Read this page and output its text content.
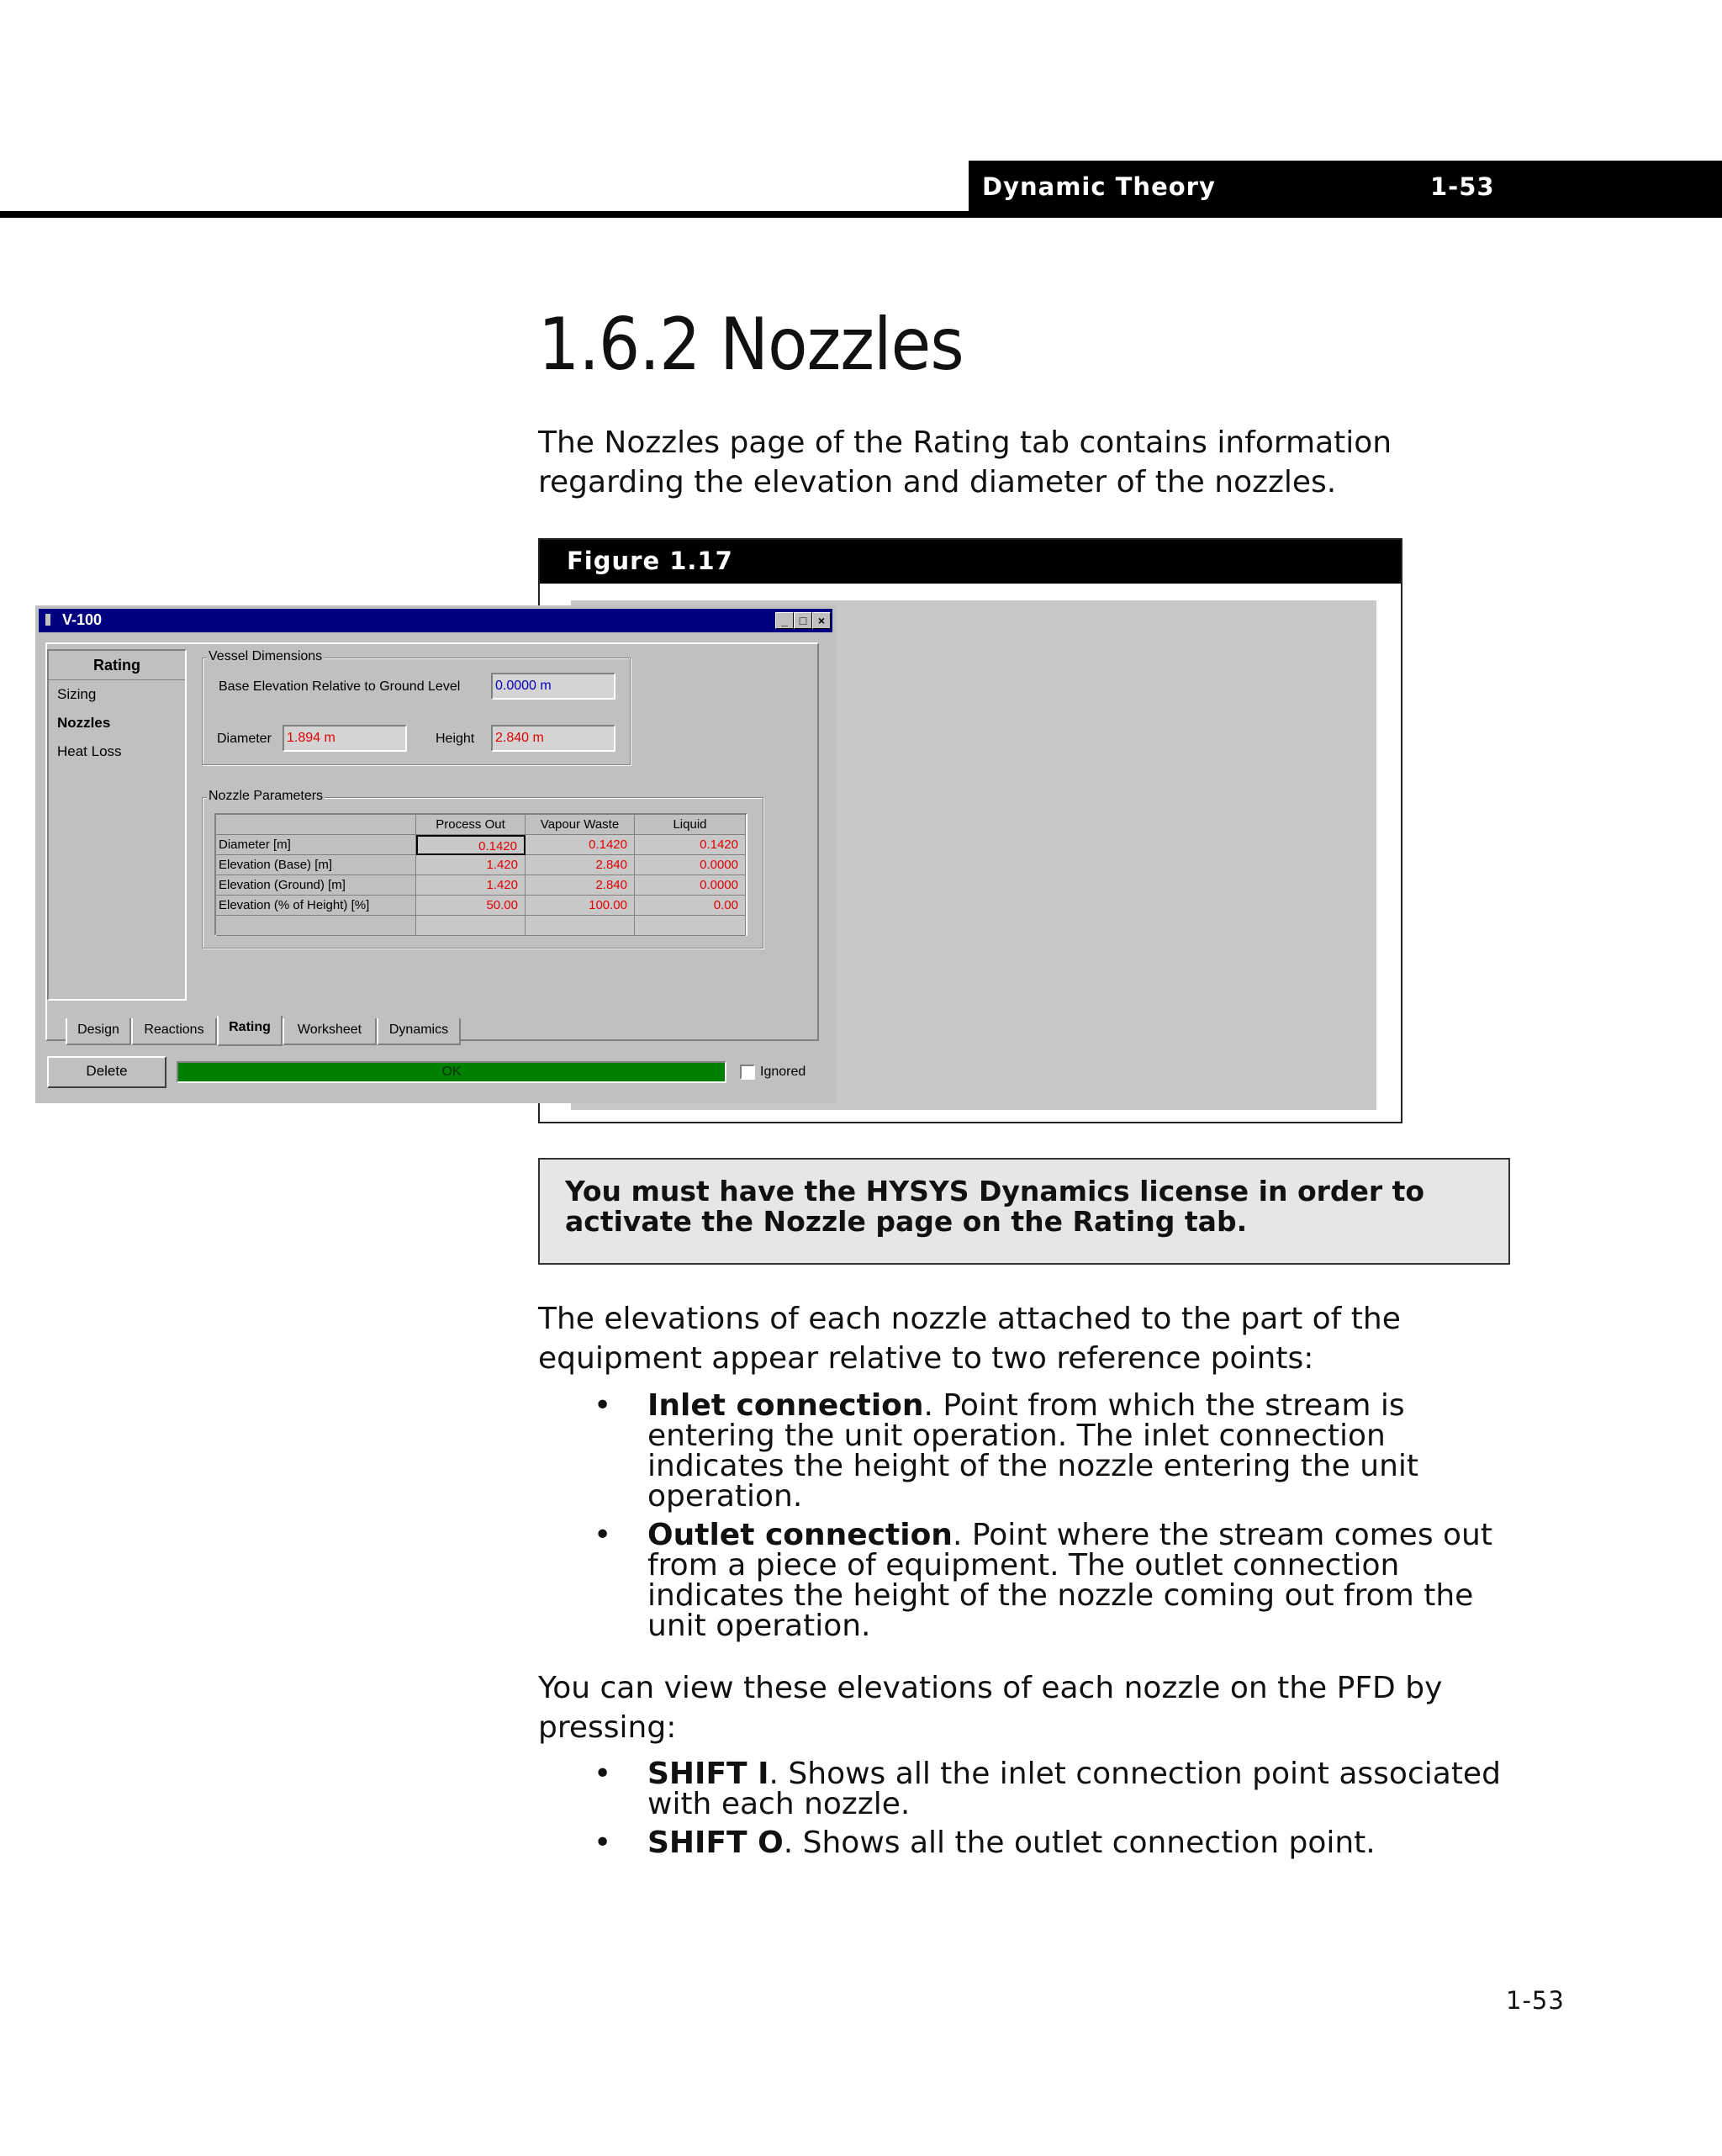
Dynamic Theory	1-53
1.6.2 Nozzles
The Nozzles page of the Rating tab contains information regarding the elevation and diameter of the nozzles.
Figure 1.17
V-100	_ □ ×
Rating
Sizing
Nozzles
Heat Loss
Vessel Dimensions
Base Elevation Relative to Ground Level	0.0000 m
Diameter	1.894 m	Height	2.840 m
Process Out	Vapour Waste	Liquid
Diameter [m]	0.1420	0.1420	0.1420
Elevation (Base) [m]	1.420	2.840	0.0000
Elevation (Ground) [m]	1.420	2.840	0.0000
Elevation (% of Height) [%]	50.00	100.00	0.00
Nozzle Parameters
Design	Reactions	Rating	Worksheet	Dynamics
Delete	OK	Ignored
You must have the HYSYS Dynamics license in order to activate the Nozzle page on the Rating tab.
The elevations of each nozzle attached to the part of the equipment appear relative to two reference points:
• Inlet connection. Point from which the stream is entering the unit operation. The inlet connection indicates the height of the nozzle entering the unit operation.
• Outlet connection. Point where the stream comes out from a piece of equipment. The outlet connection indicates the height of the nozzle coming out from the unit operation.
You can view these elevations of each nozzle on the PFD by pressing:
• SHIFT I. Shows all the inlet connection point associated with each nozzle.
• SHIFT O. Shows all the outlet connection point.
1-53
